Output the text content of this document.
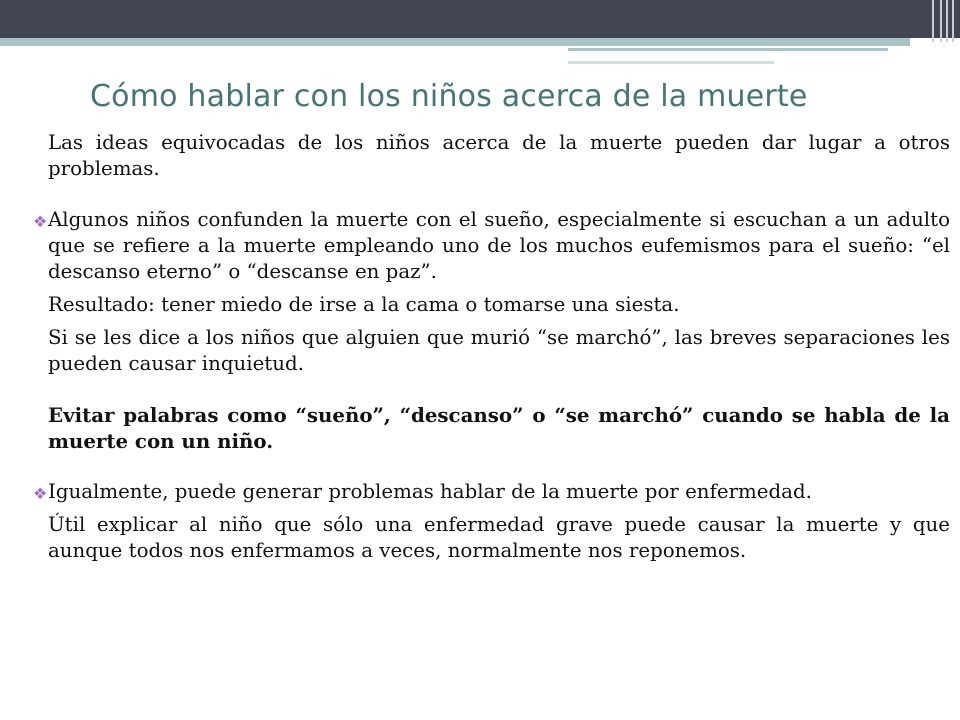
Cómo hablar con los niños acerca de la muerte

Las ideas equivocadas de los niños acerca de la muerte pueden dar lugar a otros problemas.

❖ Algunos niños confunden la muerte con el sueño, especialmente si escuchan a un adulto que se refiere a la muerte empleando uno de los muchos eufemismos para el sueño: “el descanso eterno” o “descanse en paz”.

Resultado: tener miedo de irse a la cama o tomarse una siesta.

Si se les dice a los niños que alguien que murió “se marchó”, las breves separaciones les pueden causar inquietud.

Evitar palabras como “sueño”, “descanso” o “se marchó” cuando se habla de la muerte con un niño.

❖ Igualmente, puede generar problemas hablar de la muerte por enfermedad.

Útil explicar al niño que sólo una enfermedad grave puede causar la muerte y que aunque todos nos enfermamos a veces, normalmente nos reponemos.
